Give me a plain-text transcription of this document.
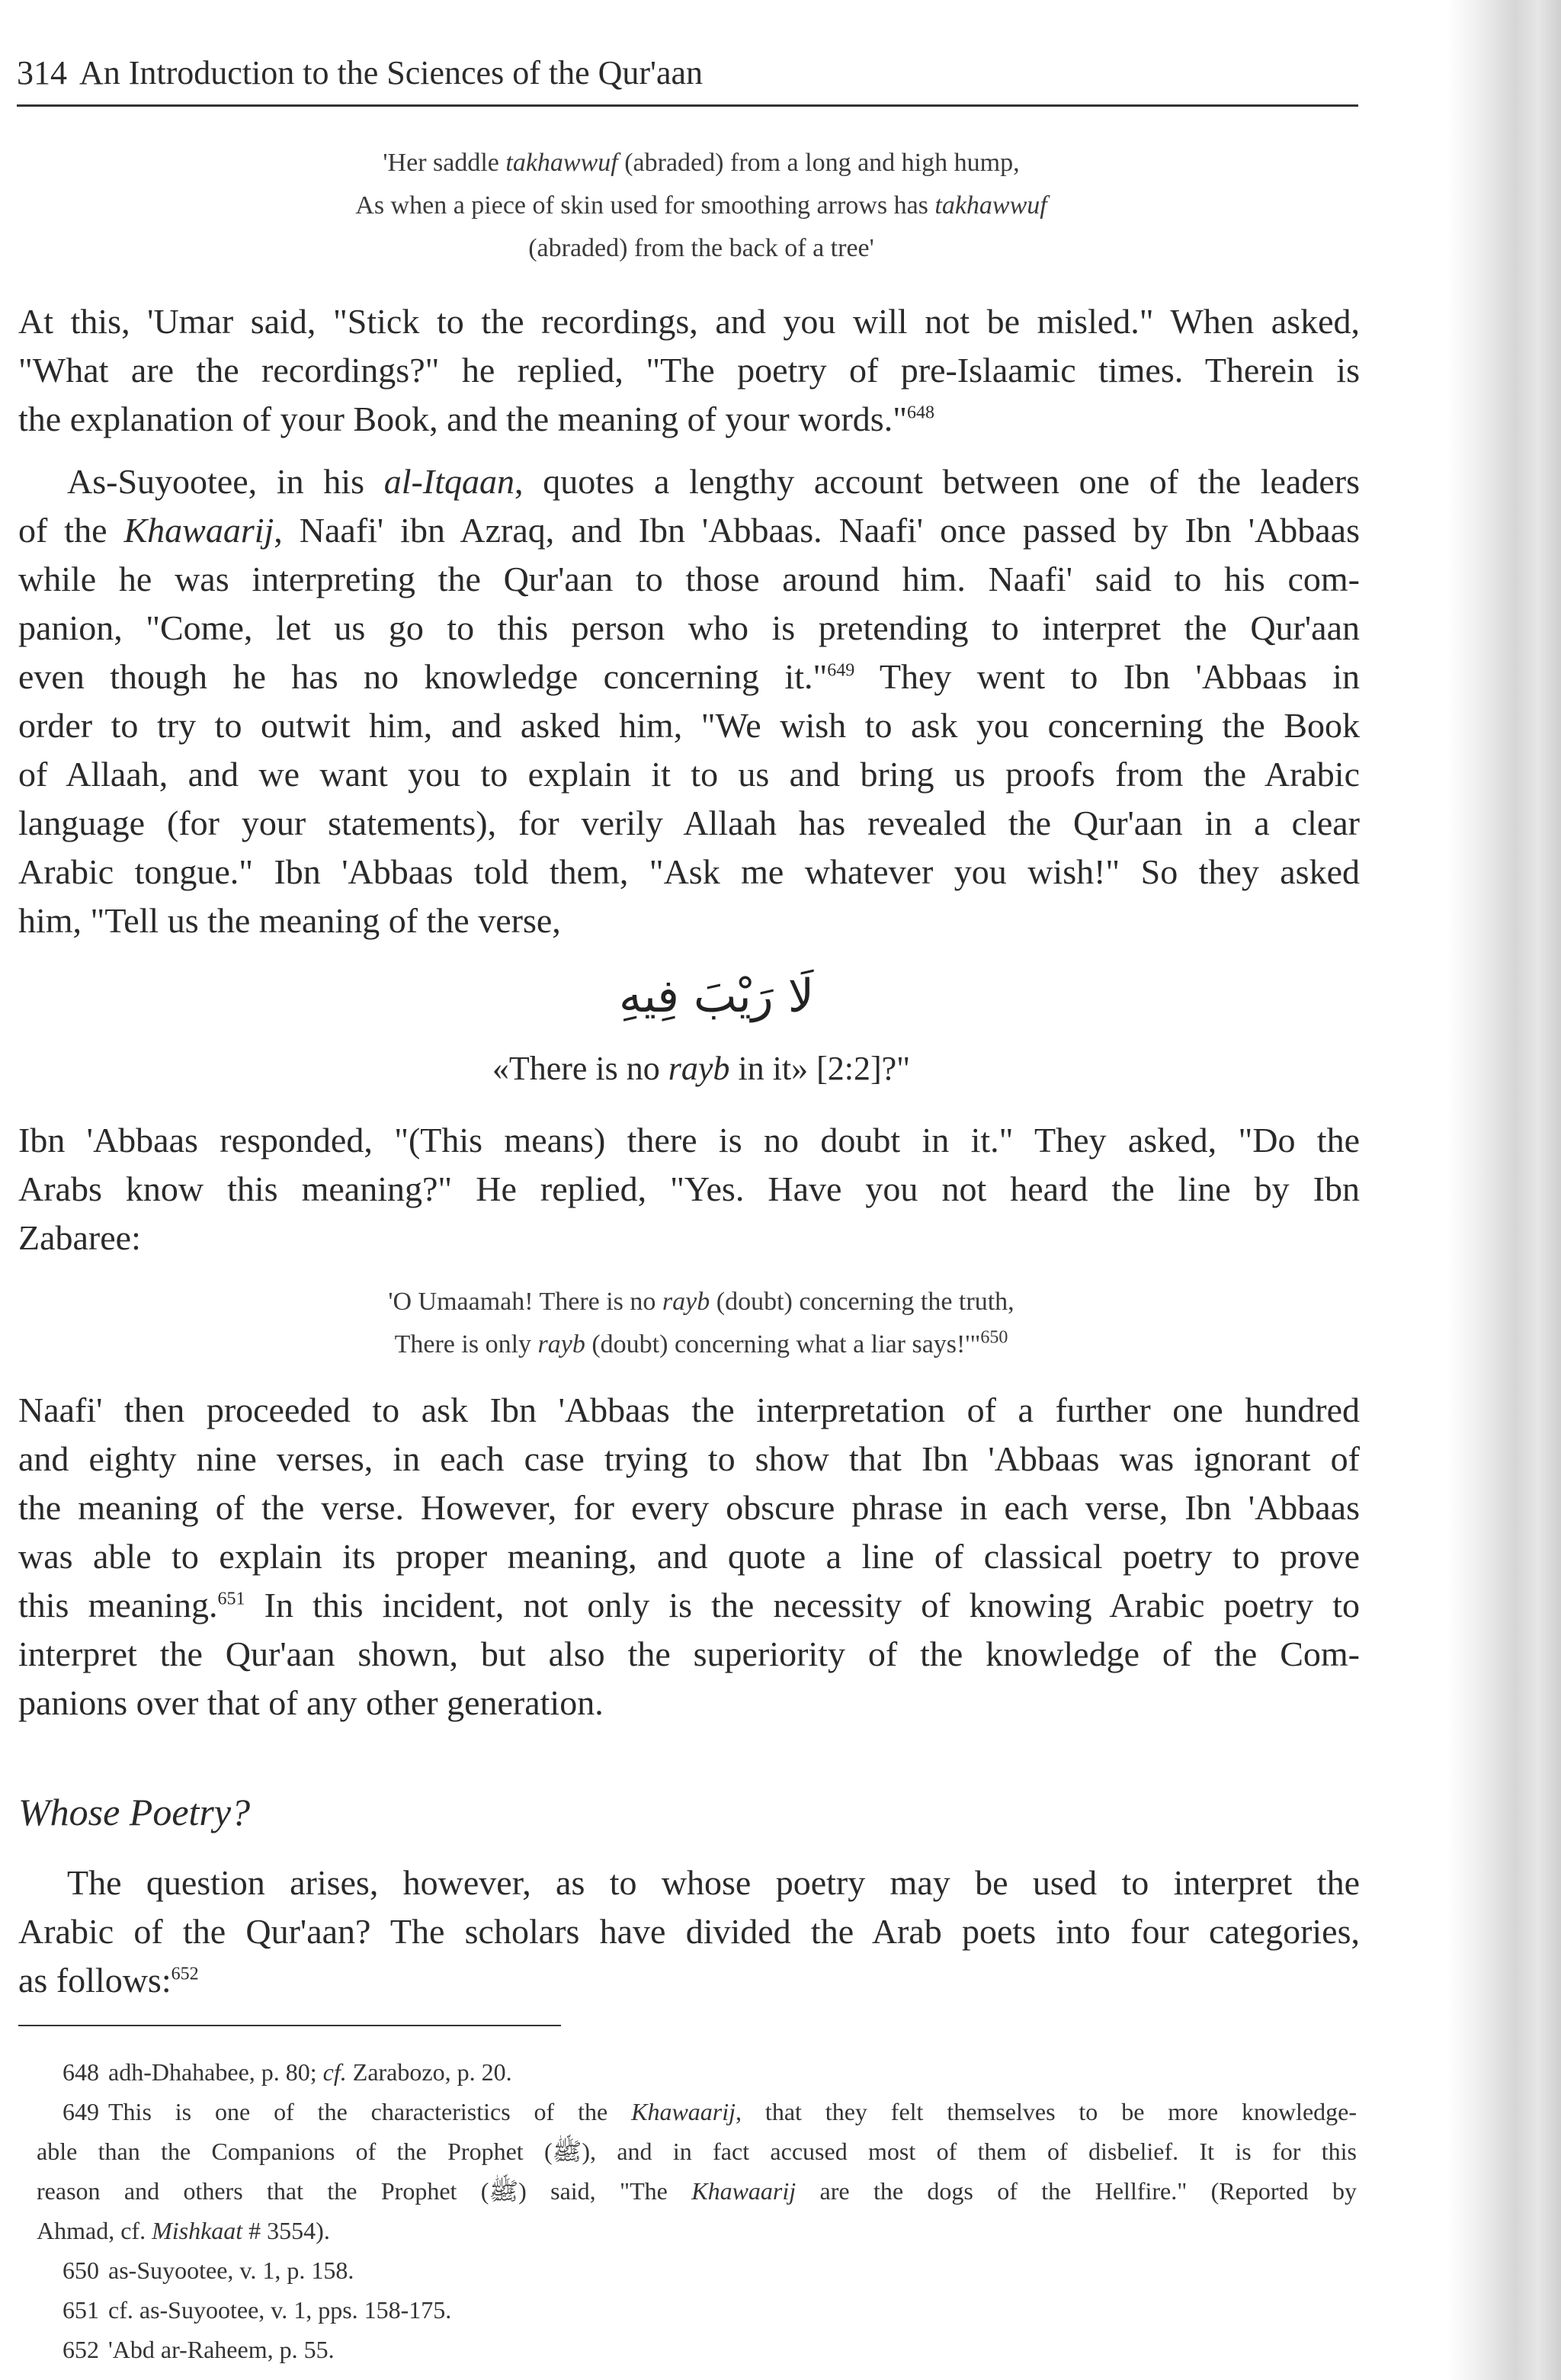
314 An Introduction to the Sciences of the Qur'aan
'Her saddle takhawwuf (abraded) from a long and high hump,
As when a piece of skin used for smoothing arrows has takhawwuf
(abraded) from the back of a tree'
At this, 'Umar said, "Stick to the recordings, and you will not be misled." When asked,
"What are the recordings?" he replied, "The poetry of pre-Islaamic times. Therein is
the explanation of your Book, and the meaning of your words."$^{648}$
As-Suyootee, in his al-Itqaan, quotes a lengthy account between one of the leaders
of the Khawaarij, Naafi' ibn Azraq, and Ibn 'Abbaas. Naafi' once passed by Ibn 'Abbaas
while he was interpreting the Qur'aan to those around him. Naafi' said to his com-
panion, "Come, let us go to this person who is pretending to interpret the Qur'aan
even though he has no knowledge concerning it."$^{649}$ They went to Ibn 'Abbaas in
order to try to outwit him, and asked him, "We wish to ask you concerning the Book
of Allaah, and we want you to explain it to us and bring us proofs from the Arabic
language (for your statements), for verily Allaah has revealed the Qur'aan in a clear
Arabic tongue." Ibn 'Abbaas told them, "Ask me whatever you wish!" So they asked
him, "Tell us the meaning of the verse,
لَا رَيْبَ فِيهِ
«There is no rayb in it» [2:2]?"
Ibn 'Abbaas responded, "(This means) there is no doubt in it." They asked, "Do the
Arabs know this meaning?" He replied, "Yes. Have you not heard the line by Ibn
Zabaree:
'O Umaamah! There is no rayb (doubt) concerning the truth,
There is only rayb (doubt) concerning what a liar says!'"$^{650}$
Naafi' then proceeded to ask Ibn 'Abbaas the interpretation of a further one hundred
and eighty nine verses, in each case trying to show that Ibn 'Abbaas was ignorant of
the meaning of the verse. However, for every obscure phrase in each verse, Ibn 'Abbaas
was able to explain its proper meaning, and quote a line of classical poetry to prove
this meaning.$^{651}$ In this incident, not only is the necessity of knowing Arabic poetry to
interpret the Qur'aan shown, but also the superiority of the knowledge of the Com-
panions over that of any other generation.
Whose Poetry?
The question arises, however, as to whose poetry may be used to interpret the
Arabic of the Qur'aan? The scholars have divided the Arab poets into four categories,
as follows:$^{652}$
648 adh-Dhahabee, p. 80; cf. Zarabozo, p. 20.
649 This is one of the characteristics of the Khawaarij, that they felt themselves to be more knowledge-
able than the Companions of the Prophet (ﷺ), and in fact accused most of them of disbelief. It is for this
reason and others that the Prophet (ﷺ) said, "The Khawaarij are the dogs of the Hellfire." (Reported by
Ahmad, cf. Mishkaat # 3554).
650 as-Suyootee, v. 1, p. 158.
651 cf. as-Suyootee, v. 1, pps. 158-175.
652 'Abd ar-Raheem, p. 55.
